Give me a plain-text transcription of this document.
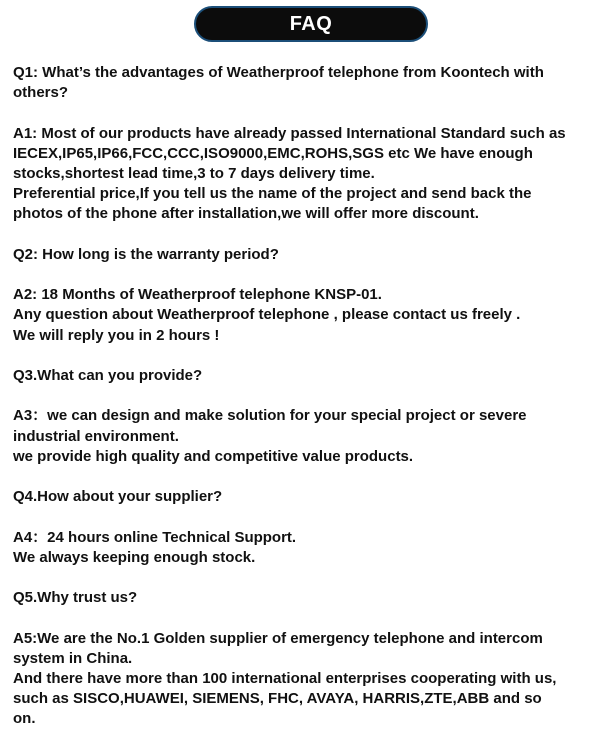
FAQ
Q1: What’s the advantages of Weatherproof telephone from Koontech with
others?
A1: Most of our products have already passed International Standard such as
IECEX,IP65,IP66,FCC,CCC,ISO9000,EMC,ROHS,SGS etc We have enough
stocks,shortest lead time,3 to 7 days delivery time.
Preferential price,If you tell us the name of the project and send back the
photos of the phone after installation,we will offer more discount.
Q2: How long is the warranty period?
A2: 18 Months of Weatherproof telephone KNSP-01.
Any question about Weatherproof telephone , please contact us freely .
We will reply you in 2 hours !
Q3.What can you provide?
A3：we can design and make solution for your special project or severe
industrial environment.
we provide high quality and competitive value products.
Q4.How about your supplier?
A4：24 hours online Technical Support.
We always keeping enough stock.
Q5.Why trust us?
A5:We are the No.1 Golden supplier of emergency telephone and intercom
system in China.
And there have more than 100 international enterprises cooperating with us,
such as SISCO,HUAWEI, SIEMENS, FHC, AVAYA, HARRIS,ZTE,ABB and so
on.
